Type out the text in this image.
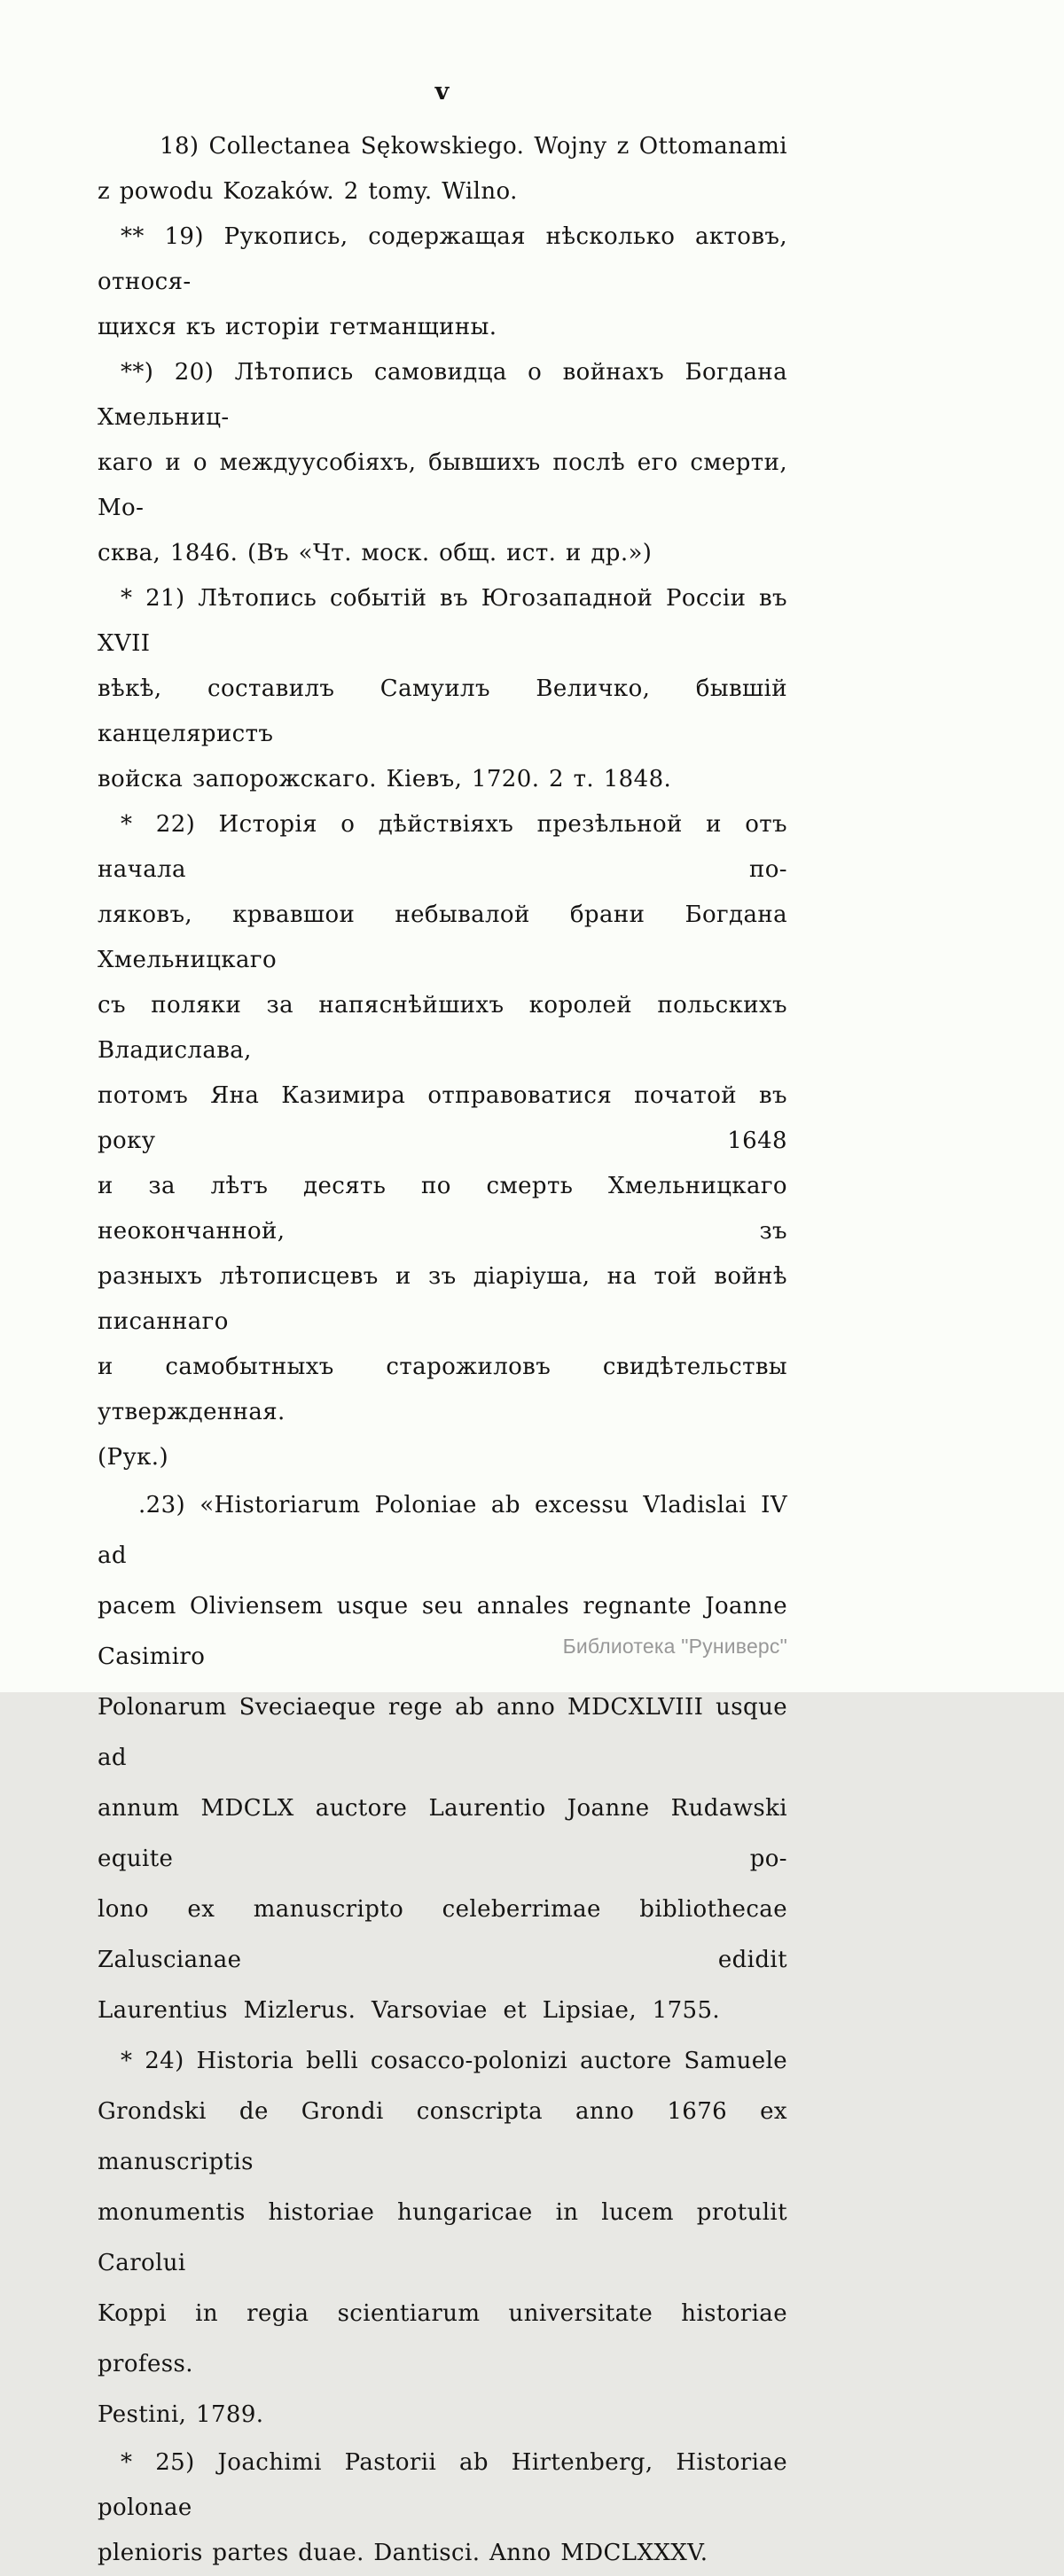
v

18) Collectanea Sękowskiego. Wojny z Ottomanami
z powodu Kozaków. 2 tomy. Wilno.

** 19) Рукопись, содержащая нѣсколько актовъ, относя-
щихся къ исторіи гетманщины.

**) 20) Лѣтопись самовидца о войнахъ Богдана Хмельниц-
каго и о междуусобіяхъ, бывшихъ послѣ его смерти, Мо-
сква, 1846. (Въ «Чт. моск. общ. ист. и др.»)

* 21) Лѣтопись событій въ Югозападной Россіи въ XVII
вѣкѣ, составилъ Самуилъ Величко, бывшій канцеляристъ
войска запорожскаго. Кіевъ, 1720. 2 т. 1848.

* 22) Исторія о дѣйствіяхъ презѣльной и отъ начала по-
ляковъ, крвавшои небывалой брани Богдана Хмельницкаго
съ поляки за напяснѣйшихъ королей польскихъ Владислава,
потомъ Яна Казимира отправоватися початой въ року 1648
и за лѣтъ десять по смерть Хмельницкаго неокончанной, зъ
разныхъ лѣтописцевъ и зъ діаріуша, на той войнѣ писаннаго
и самобытныхъ старожиловъ свидѣтельствы утвержденная.
(Рук.)

.23) «Historiarum Poloniae ab excessu Vladislai IV ad
pacem Oliviensem usque seu annales regnante Joanne Casimiro
Polonarum Sveciaeque rege ab anno MDCXLVIII usque ad
annum MDCLX auctore Laurentio Joanne Rudawski equite po-
lono ex manuscripto celeberrimae bibliothecae Zaluscianae edidit
Laurentius Mizlerus. Varsoviae et Lipsiae, 1755.

* 24) Historia belli cosacco-polonizi auctore Samuele
Grondski de Grondi conscripta anno 1676 ex manuscriptis
monumentis historiae hungaricae in lucem protulit Carolui
Koppi in regia scientiarum universitate historiae profess.
Pestini, 1789.

* 25) Joachimi Pastorii ab Hirtenberg, Historiae polonae
plenioris partes duae. Dantisci. Anno MDCLXXXV.

Библиотека "Руниверс"
